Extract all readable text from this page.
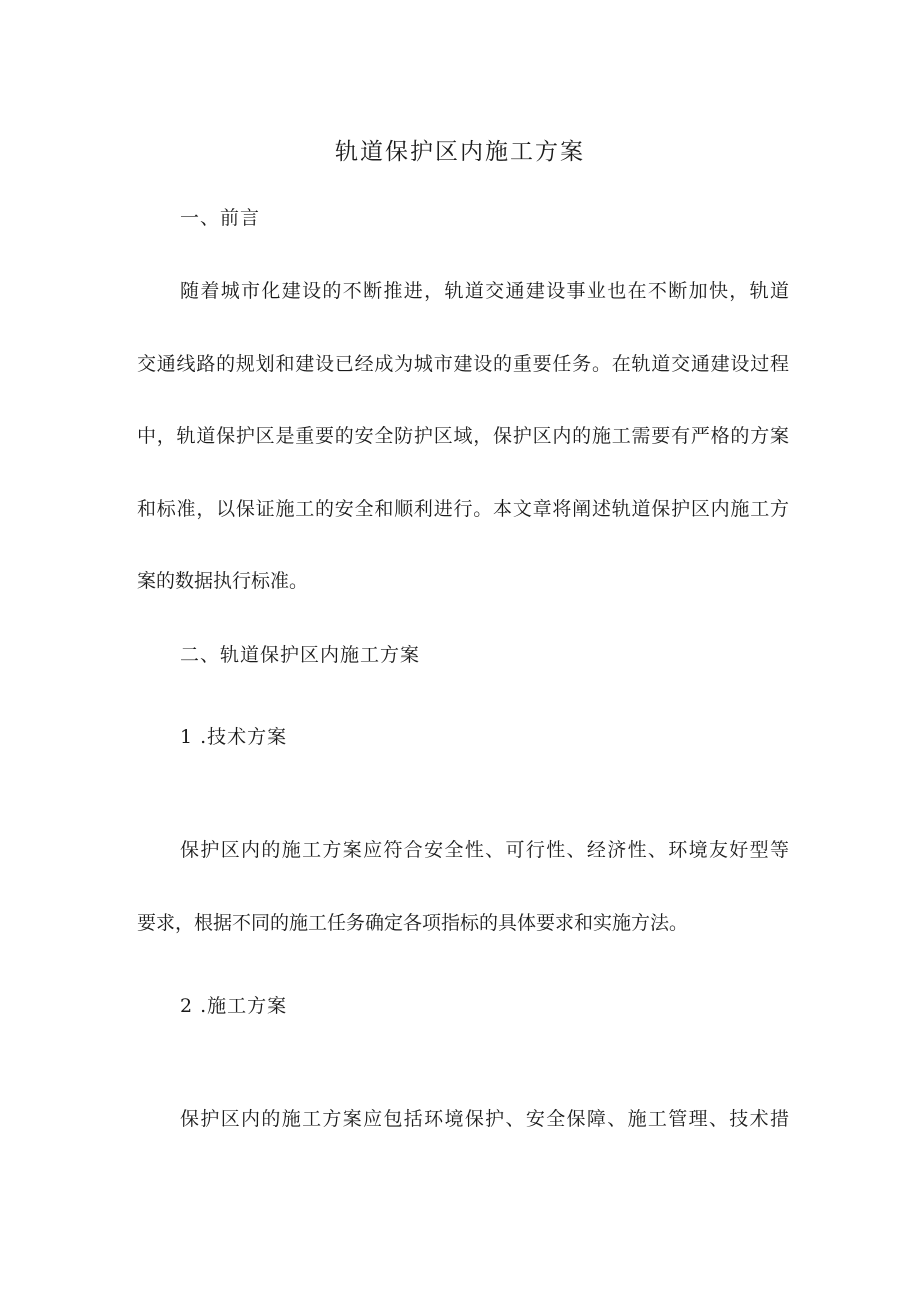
轨道保护区内施工方案
一、前言
随着城市化建设的不断推进，轨道交通建设事业也在不断加快，轨道
交通线路的规划和建设已经成为城市建设的重要任务。在轨道交通建设过程
中，轨道保护区是重要的安全防护区域，保护区内的施工需要有严格的方案
和标准，以保证施工的安全和顺利进行。本文章将阐述轨道保护区内施工方
案的数据执行标准。
二、轨道保护区内施工方案
1 .技术方案
保护区内的施工方案应符合安全性、可行性、经济性、环境友好型等
要求，根据不同的施工任务确定各项指标的具体要求和实施方法。
2 .施工方案
保护区内的施工方案应包括环境保护、安全保障、施工管理、技术措
